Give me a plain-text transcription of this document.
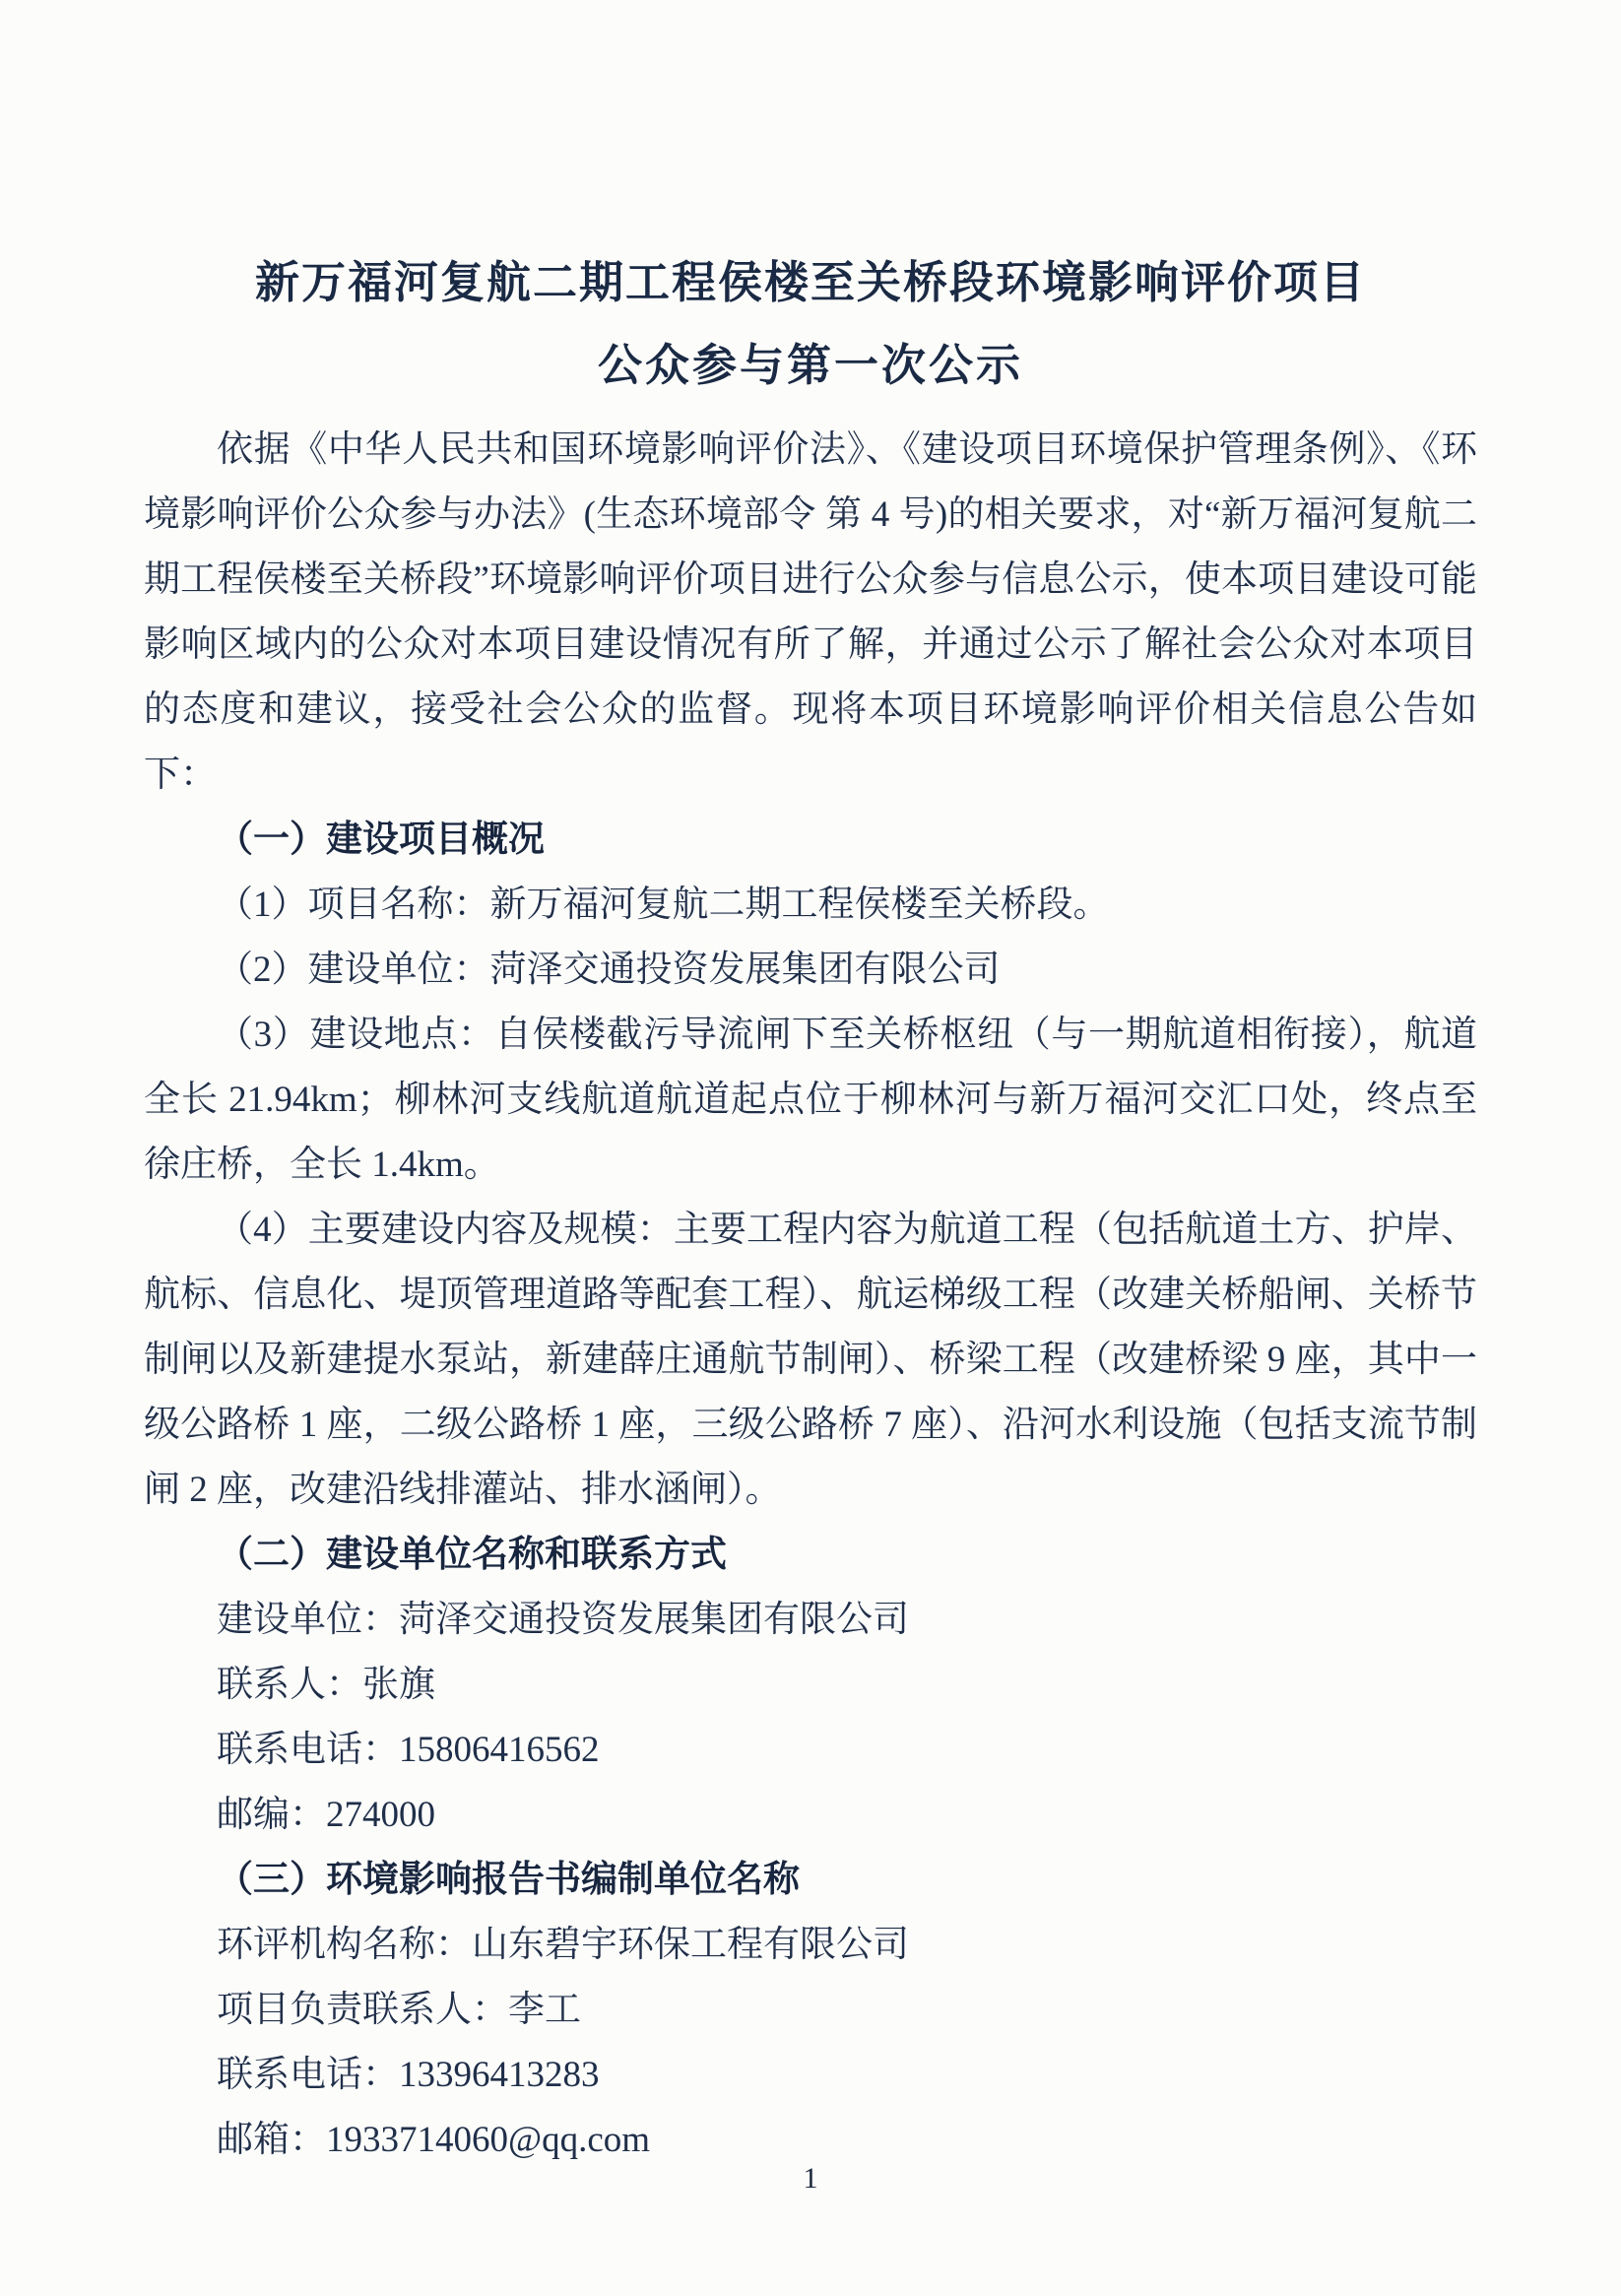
新万福河复航二期工程侯楼至关桥段环境影响评价项目
公众参与第一次公示

依据《中华人民共和国环境影响评价法》、《建设项目环境保护管理条例》、《环境影响评价公众参与办法》(生态环境部令 第 4 号)的相关要求，对“新万福河复航二期工程侯楼至关桥段”环境影响评价项目进行公众参与信息公示，使本项目建设可能影响区域内的公众对本项目建设情况有所了解，并通过公示了解社会公众对本项目的态度和建议，接受社会公众的监督。现将本项目环境影响评价相关信息公告如下：

（一）建设项目概况

（1）项目名称：新万福河复航二期工程侯楼至关桥段。

（2）建设单位：菏泽交通投资发展集团有限公司

（3）建设地点：自侯楼截污导流闸下至关桥枢纽（与一期航道相衔接），航道全长 21.94km；柳林河支线航道航道起点位于柳林河与新万福河交汇口处，终点至徐庄桥，全长 1.4km。

（4）主要建设内容及规模：主要工程内容为航道工程（包括航道土方、护岸、航标、信息化、堤顶管理道路等配套工程）、航运梯级工程（改建关桥船闸、关桥节制闸以及新建提水泵站，新建薛庄通航节制闸）、桥梁工程（改建桥梁 9 座，其中一级公路桥 1 座，二级公路桥 1 座，三级公路桥 7 座）、沿河水利设施（包括支流节制闸 2 座，改建沿线排灌站、排水涵闸）。

（二）建设单位名称和联系方式

建设单位：菏泽交通投资发展集团有限公司

联系人：张旗

联系电话：15806416562

邮编：274000

（三）环境影响报告书编制单位名称

环评机构名称：山东碧宇环保工程有限公司

项目负责联系人：李工

联系电话：13396413283

邮箱：1933714060@qq.com

1
